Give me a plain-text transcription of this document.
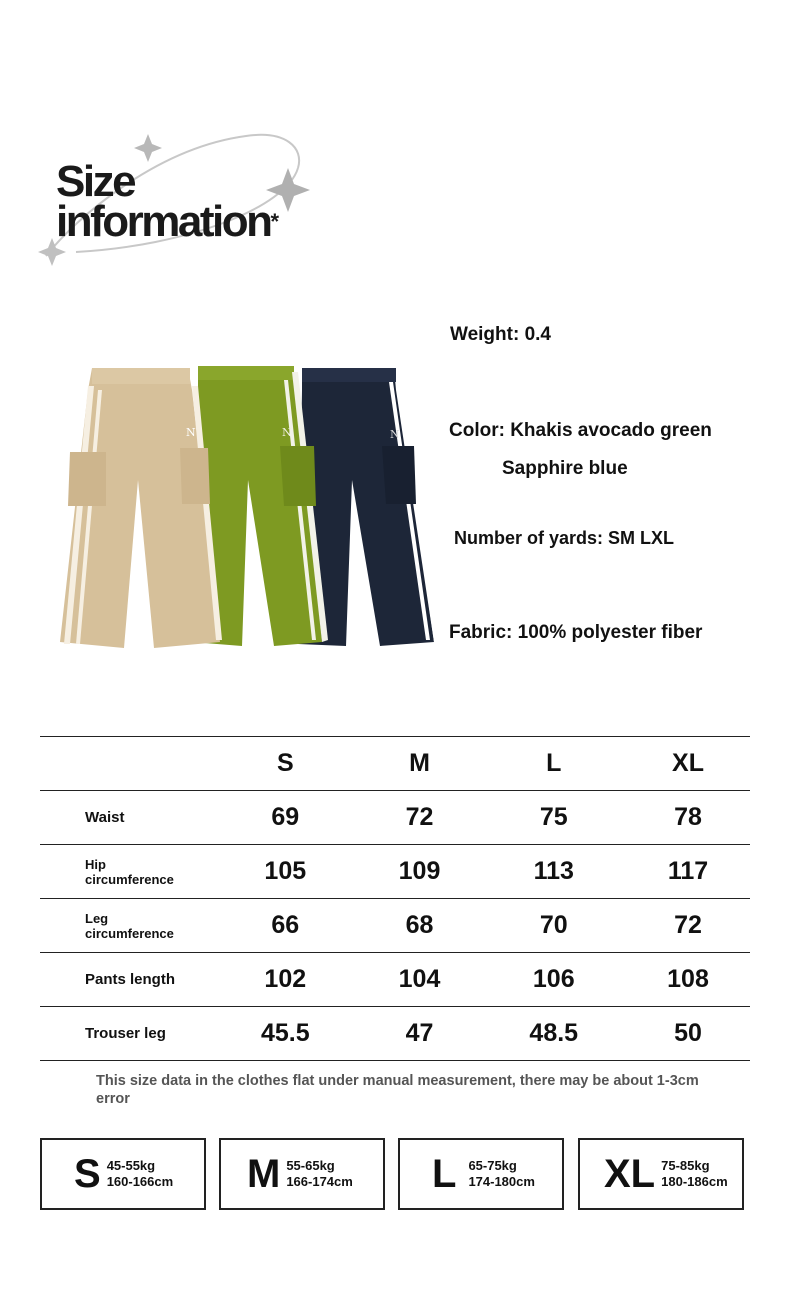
Size
information*
N
N
N
Weight: 0.4
Color: Khakis avocado green
Sapphire blue
Number of yards: SM LXL
Fabric: 100% polyester fiber
	S	M	L	XL
Waist	69	72	75	78
Hip
circumference	105	109	113	117
Leg
circumference	66	68	70	72
Pants length	102	104	106	108
Trouser leg	45.5	47	48.5	50
This size data in the clothes flat under manual measurement, there may be about 1-3cm error
S 45-55kg
160-166cm M 55-65kg
166-174cm L 65-75kg
174-180cm XL 75-85kg
180-186cm
